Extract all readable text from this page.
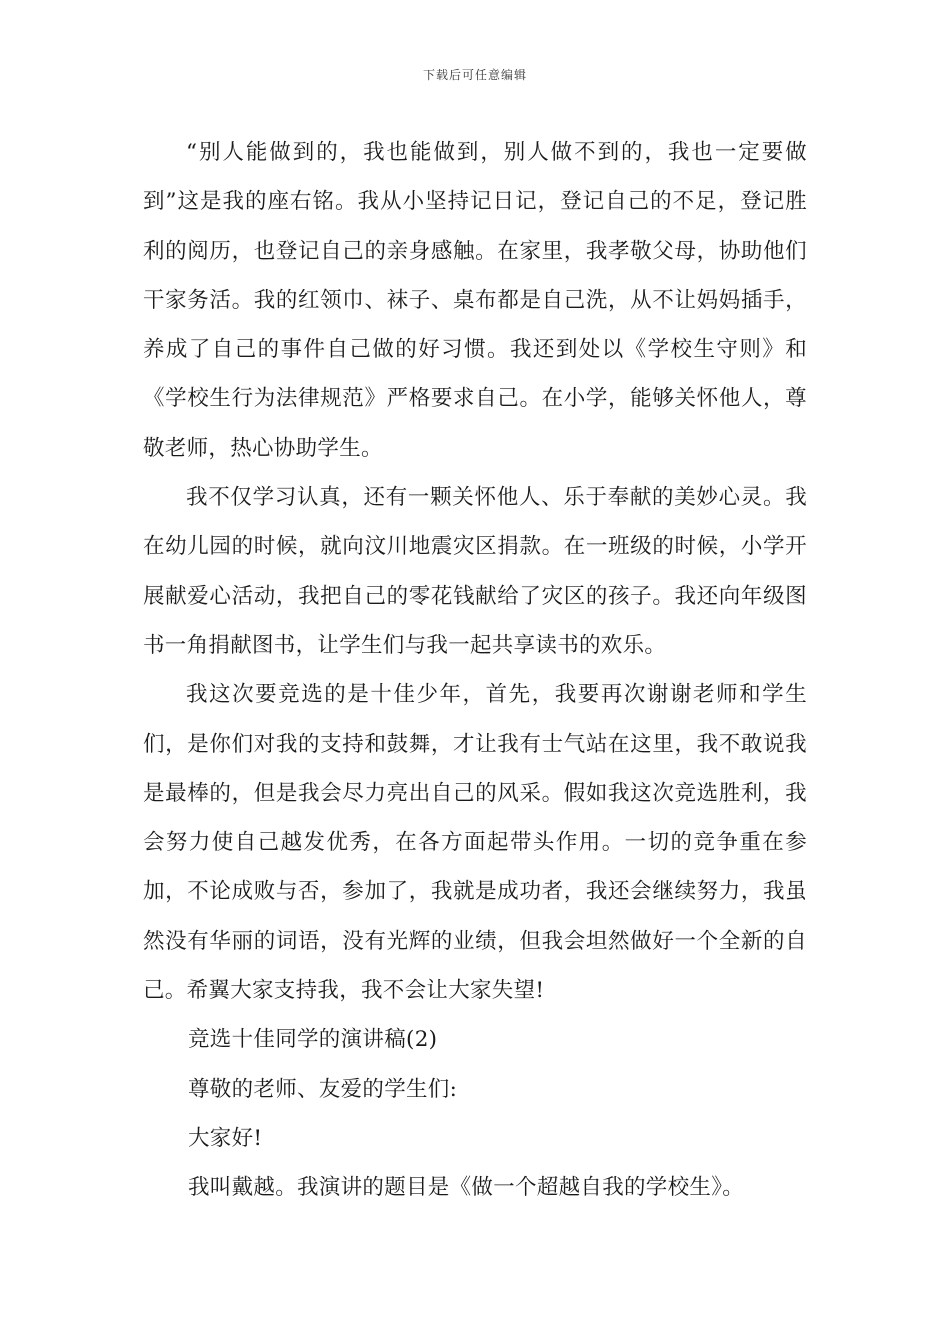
下载后可任意编辑

“别人能做到的，我也能做到，别人做不到的，我也一定要做到”这是我的座右铭。我从小坚持记日记，登记自己的不足，登记胜利的阅历，也登记自己的亲身感触。在家里，我孝敬父母，协助他们干家务活。我的红领巾、袜子、桌布都是自己洗，从不让妈妈插手，养成了自己的事件自己做的好习惯。我还到处以《学校生守则》和《学校生行为法律规范》严格要求自己。在小学，能够关怀他人，尊敬老师，热心协助学生。

我不仅学习认真，还有一颗关怀他人、乐于奉献的美妙心灵。我在幼儿园的时候，就向汶川地震灾区捐款。在一班级的时候，小学开展献爱心活动，我把自己的零花钱献给了灾区的孩子。我还向年级图书一角捐献图书，让学生们与我一起共享读书的欢乐。

我这次要竞选的是十佳少年，首先，我要再次谢谢老师和学生们，是你们对我的支持和鼓舞，才让我有士气站在这里，我不敢说我是最棒的，但是我会尽力亮出自己的风采。假如我这次竞选胜利，我会努力使自己越发优秀，在各方面起带头作用。一切的竞争重在参加，不论成败与否，参加了，我就是成功者，我还会继续努力，我虽然没有华丽的词语，没有光辉的业绩，但我会坦然做好一个全新的自己。希翼大家支持我，我不会让大家失望!

竞选十佳同学的演讲稿(2)

尊敬的老师、友爱的学生们:

大家好!

我叫戴越。我演讲的题目是《做一个超越自我的学校生》。
